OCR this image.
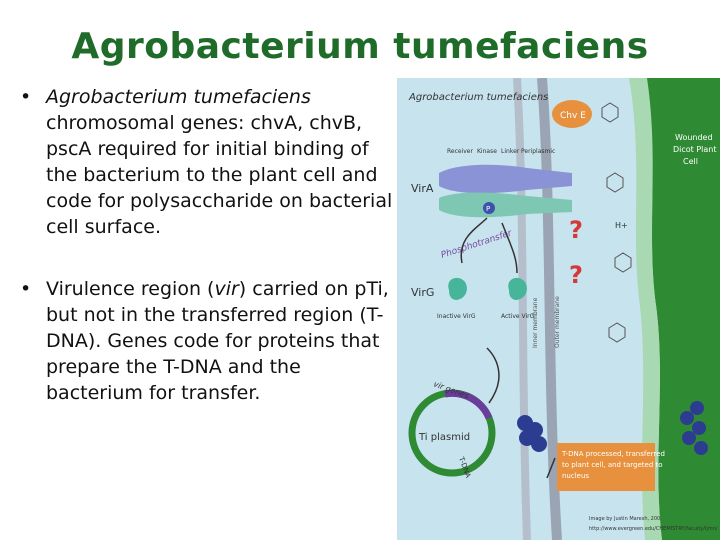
Agrobacterium tumefaciens
• Agrobacterium tumefaciens chromosomal genes: chvA, chvB, pscA required for initial binding of the bacterium to the plant cell and code for polysaccharide on bacterial cell surface.
• Virulence region (vir) carried on pTi, but not in the transferred region (T-DNA). Genes code for proteins that prepare the T-DNA and the bacterium for transfer.
Agrobacterium tumefaciens
Chv E
Wounded
Dicot Plant
Cell
Receiver Kinase Linker Periplasmic
VirA
P
Phosphotransfer
VirG
Inactive VirG	Active VirG	Outer membrane
Inner membrane
?
?
H+
vir genes
Ti plasmid
T-DNA
T-DNA processed, transferred
to plant cell, and targeted to
nucleus
Image by Justin Maresh, 200
http://www.evergreen.edu/CHEMISTRY/faculty/ljmn/
